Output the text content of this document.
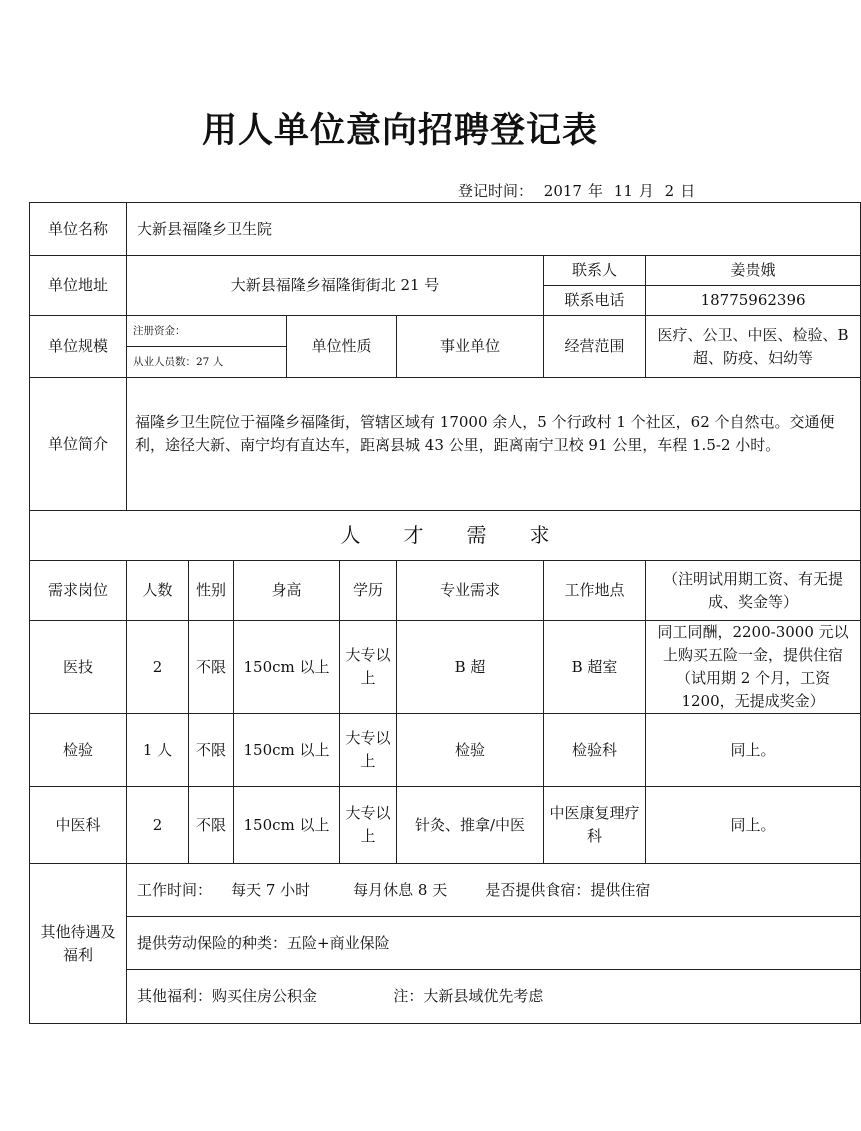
用人单位意向招聘登记表
登记时间： 2017 年 11 月 2 日
单位名称	大新县福隆乡卫生院							
单位地址	大新县福隆乡福隆街街北 21 号						联系人	姜贵娥
							联系电话	18775962396
单位规模	注册资金：			单位性质		事业单位	经营范围	医疗、公卫、中医、检验、B超、防疫、妇幼等
	从业人员数：27 人							
单位简介	福隆乡卫生院位于福隆乡福隆街，管辖区域有 17000 余人，5 个行政村 1 个社区，62 个自然屯。交通便利，途径大新、南宁均有直达车，距离县城 43 公里，距离南宁卫校 91 公里，车程 1.5-2 小时。							
人 才 需 求								
需求岗位	人数	性别	身高		学历	专业需求	工作地点	（注明试用期工资、有无提成、奖金等）
医技	2	不限	150cm 以上		大专以上	B 超	B 超室	同工同酬，2200-3000 元以上购买五险一金，提供住宿（试用期 2 个月，工资 1200，无提成奖金）
检验	1 人	不限	150cm 以上		大专以上	检验	检验科	同上。
中医科	2	不限	150cm 以上		大专以上	针灸、推拿/中医	中医康复理疗科	同上。
其他待遇及福利	工作时间： 每天 7 小时 每月休息 8 天 是否提供食宿：提供住宿							
	提供劳动保险的种类：五险+商业保险							
	其他福利：购买住房公积金 注：大新县域优先考虑							
